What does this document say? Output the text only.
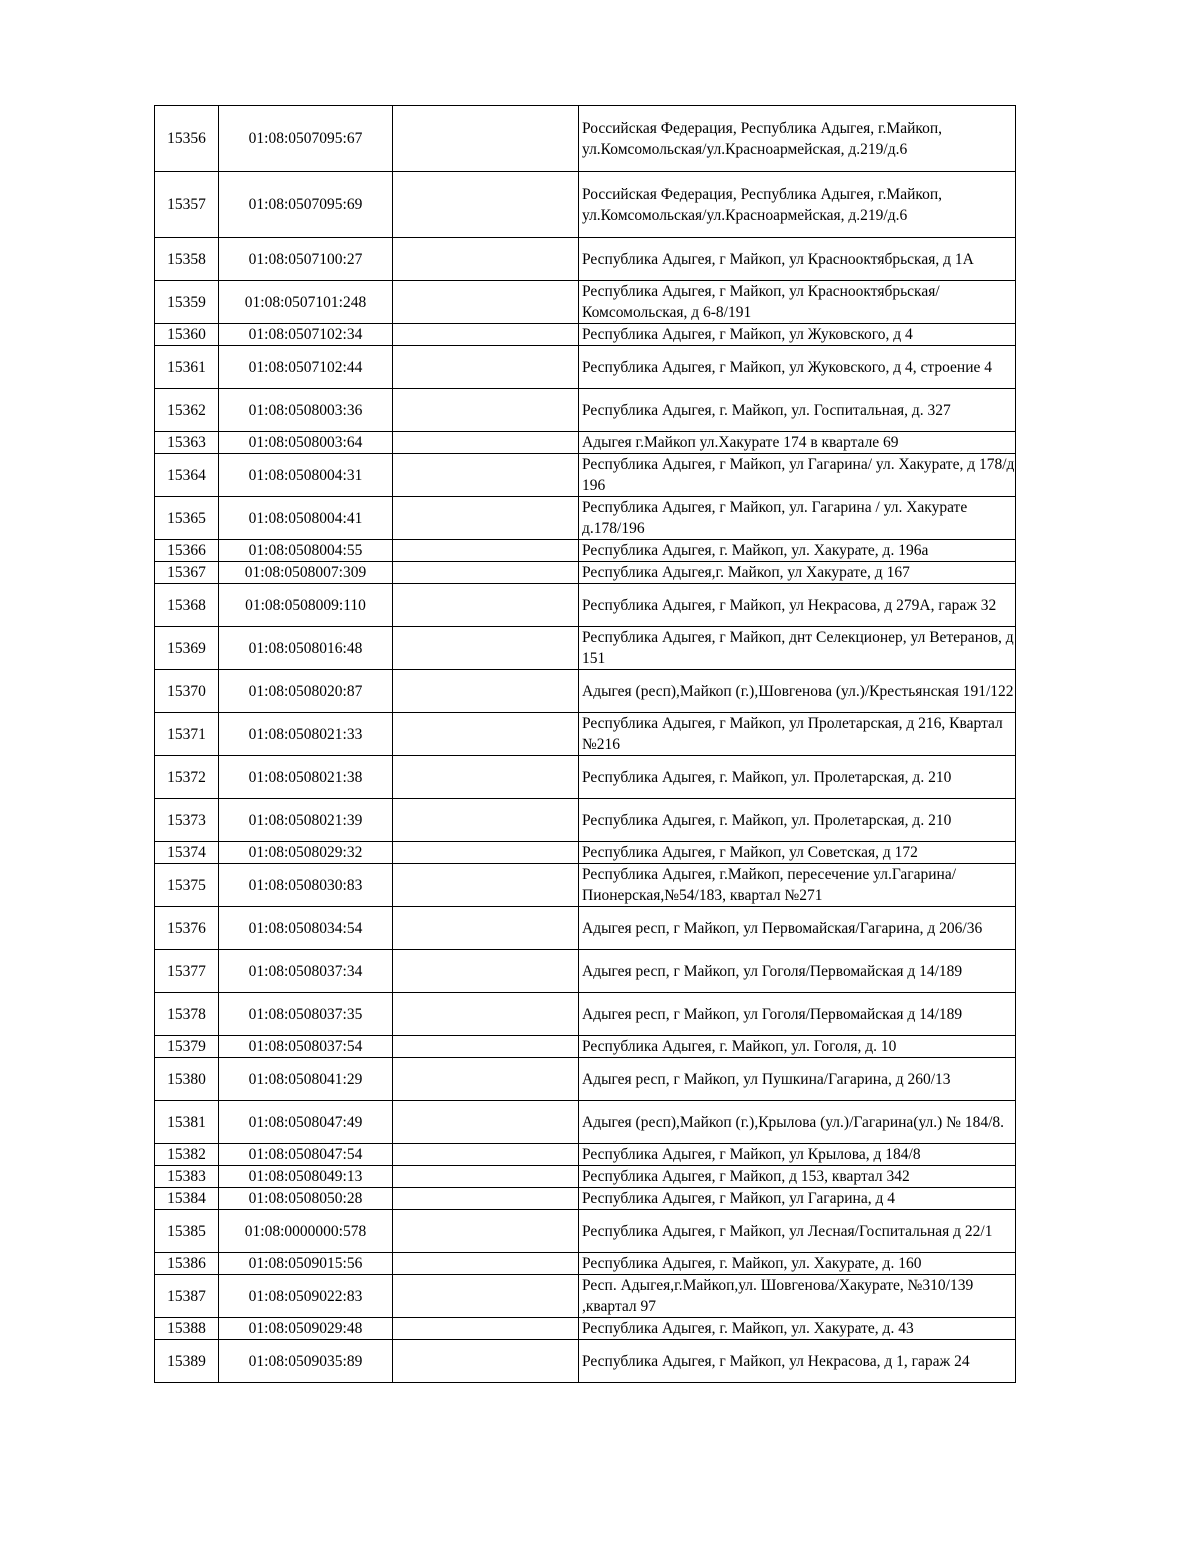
15356	01:08:0507095:67		Российская Федерация, Республика Адыгея, г.Майкоп, ул.Комсомольская/ул.Красноармейская, д.219/д.6
15357	01:08:0507095:69		Российская Федерация, Республика Адыгея, г.Майкоп, ул.Комсомольская/ул.Красноармейская, д.219/д.6
15358	01:08:0507100:27		Республика Адыгея, г Майкоп, ул Краснооктябрьская, д 1А
15359	01:08:0507101:248		Республика Адыгея, г Майкоп, ул Краснооктябрьская/Комсомольская, д 6-8/191
15360	01:08:0507102:34		Республика Адыгея, г Майкоп, ул Жуковского, д 4
15361	01:08:0507102:44		Республика Адыгея, г Майкоп, ул Жуковского, д 4, строение 4
15362	01:08:0508003:36		Республика Адыгея, г. Майкоп, ул. Госпитальная, д. 327
15363	01:08:0508003:64		Адыгея г.Майкоп ул.Хакурате 174 в квартале 69
15364	01:08:0508004:31		Республика Адыгея, г Майкоп, ул Гагарина/ ул. Хакурате, д 178/д 196
15365	01:08:0508004:41		Республика Адыгея, г Майкоп, ул. Гагарина / ул. Хакурате д.178/196
15366	01:08:0508004:55		Республика Адыгея, г. Майкоп, ул. Хакурате, д. 196а
15367	01:08:0508007:309		Республика Адыгея,г. Майкоп, ул Хакурате, д 167
15368	01:08:0508009:110		Республика Адыгея, г Майкоп, ул Некрасова, д 279А, гараж 32
15369	01:08:0508016:48		Республика Адыгея, г Майкоп, днт Селекционер, ул Ветеранов, д 151
15370	01:08:0508020:87		Адыгея (респ),Майкоп (г.),Шовгенова (ул.)/Крестьянская 191/122
15371	01:08:0508021:33		Республика Адыгея, г Майкоп, ул Пролетарская, д 216, Квартал №216
15372	01:08:0508021:38		Республика Адыгея, г. Майкоп, ул. Пролетарская, д. 210
15373	01:08:0508021:39		Республика Адыгея, г. Майкоп, ул. Пролетарская, д. 210
15374	01:08:0508029:32		Республика Адыгея, г Майкоп, ул Советская, д 172
15375	01:08:0508030:83		Республика Адыгея, г.Майкоп, пересечение ул.Гагарина/Пионерская,№54/183, квартал №271
15376	01:08:0508034:54		Адыгея респ, г Майкоп, ул Первомайская/Гагарина, д 206/36
15377	01:08:0508037:34		Адыгея респ, г Майкоп, ул Гоголя/Первомайская д 14/189
15378	01:08:0508037:35		Адыгея респ, г Майкоп, ул Гоголя/Первомайская д 14/189
15379	01:08:0508037:54		Республика Адыгея, г. Майкоп, ул. Гоголя, д. 10
15380	01:08:0508041:29		Адыгея респ, г Майкоп, ул Пушкина/Гагарина, д 260/13
15381	01:08:0508047:49		Адыгея (респ),Майкоп (г.),Крылова (ул.)/Гагарина(ул.) № 184/8.
15382	01:08:0508047:54		Республика Адыгея, г Майкоп, ул Крылова, д 184/8
15383	01:08:0508049:13		Республика Адыгея, г Майкоп, д 153, квартал 342
15384	01:08:0508050:28		Республика Адыгея, г Майкоп, ул Гагарина, д 4
15385	01:08:0000000:578		Республика Адыгея, г Майкоп, ул Лесная/Госпитальная д 22/1
15386	01:08:0509015:56		Республика Адыгея, г. Майкоп, ул. Хакурате, д. 160
15387	01:08:0509022:83		Респ. Адыгея,г.Майкоп,ул. Шовгенова/Хакурате, №310/139 ,квартал 97
15388	01:08:0509029:48		Республика Адыгея, г. Майкоп, ул. Хакурате, д. 43
15389	01:08:0509035:89		Республика Адыгея, г Майкоп, ул Некрасова, д 1, гараж 24
